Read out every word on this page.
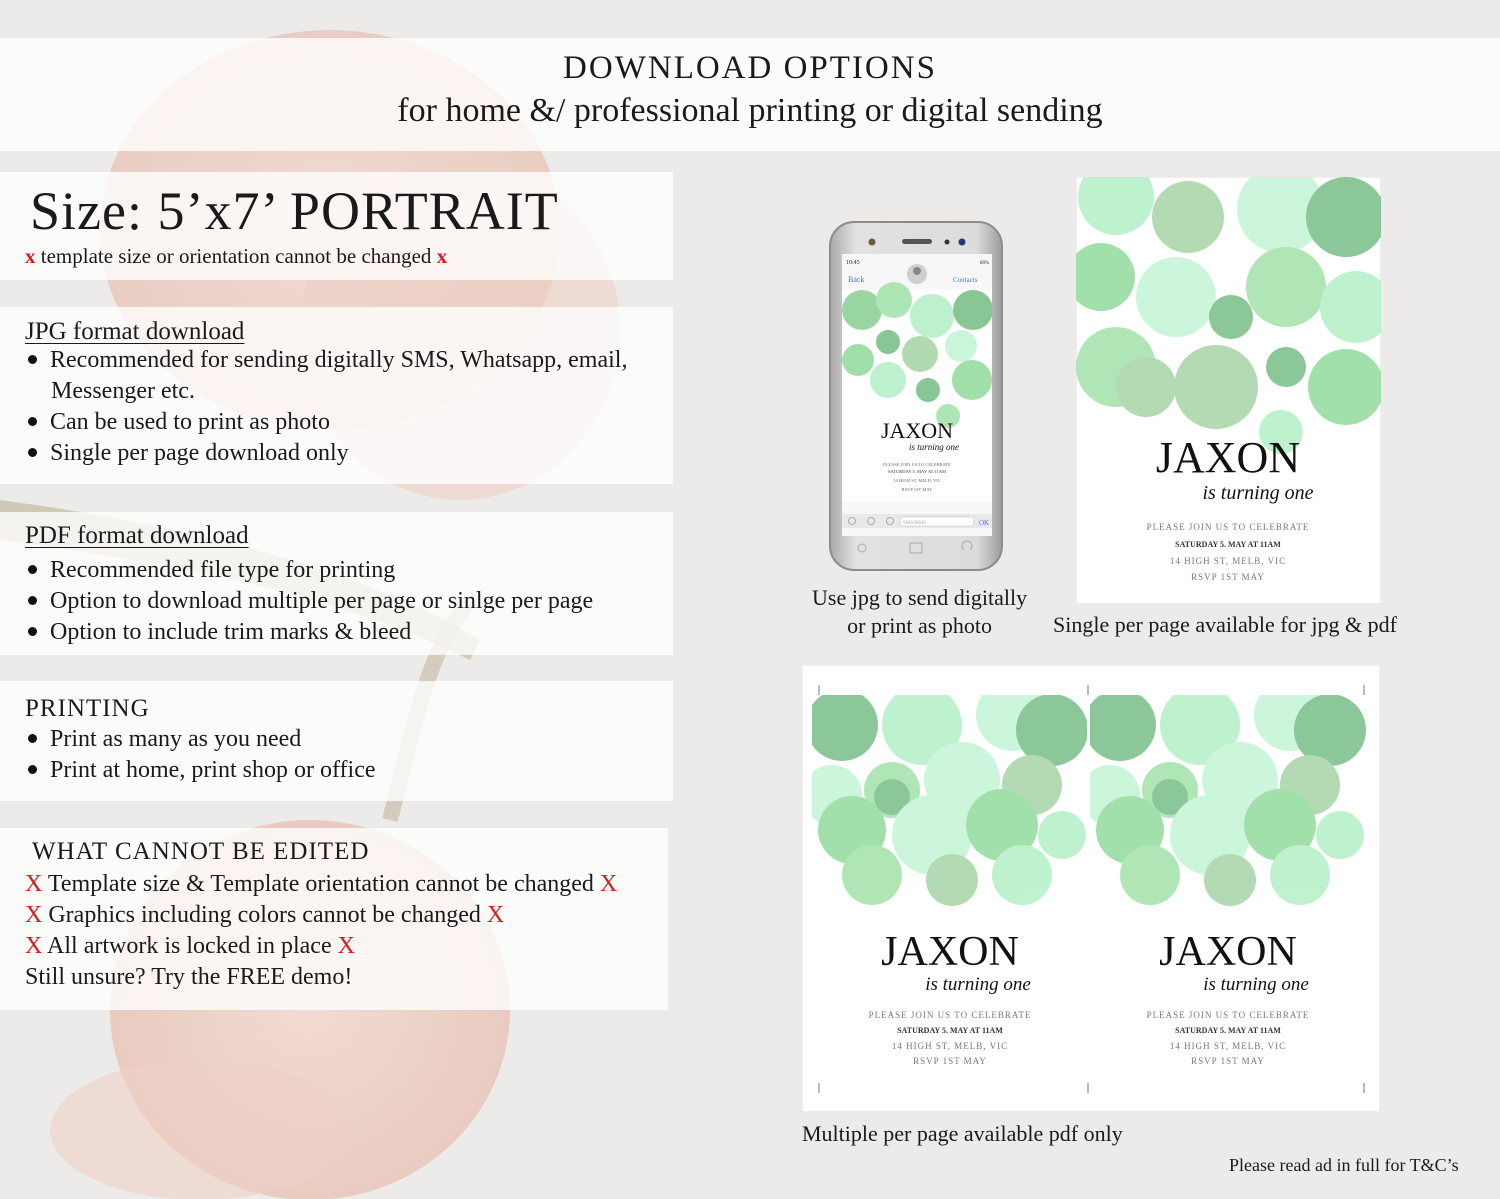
DOWNLOAD OPTIONS
for home &/ professional printing or digital sending
Size: 5’x7’ PORTRAIT
x template size or orientation cannot be changed x
JPG format download
Recommended for sending digitally SMS, Whatsapp, email,
Messenger etc.
Can be used to print as photo
Single per page download only
PDF format download
Recommended file type for printing
Option to download multiple per page or sinlge per page
Option to include trim marks & bleed
PRINTING
Print as many as you need
Print at home, print shop or office
WHAT CANNOT BE EDITED
X Template size & Template orientation cannot be changed X
X Graphics including colors cannot be changed X
X All artwork is locked in place X
Still unsure? Try the FREE demo!
10:45	80%
Back	Contacts
JAXON
is turning one
PLEASE JOIN US TO CELEBRATE
SATURDAY 5. MAY AT 11AM
14 HIGH ST, MELB, VIC
RSVP 1ST MAY
SMS/MMS	OK
Use jpg to send digitally
or print as photo
JAXON
is turning one
PLEASE JOIN US TO CELEBRATE
SATURDAY 5. MAY AT 11AM
14 HIGH ST, MELB, VIC
RSVP 1ST MAY
Single per page available for jpg & pdf
JAXON
is turning one
PLEASE JOIN US TO CELEBRATE
SATURDAY 5. MAY AT 11AM
14 HIGH ST, MELB, VIC
RSVP 1ST MAY
JAXON
is turning one
PLEASE JOIN US TO CELEBRATE
SATURDAY 5. MAY AT 11AM
14 HIGH ST, MELB, VIC
RSVP 1ST MAY
Multiple per page available pdf only
Please read ad in full for T&C’s
